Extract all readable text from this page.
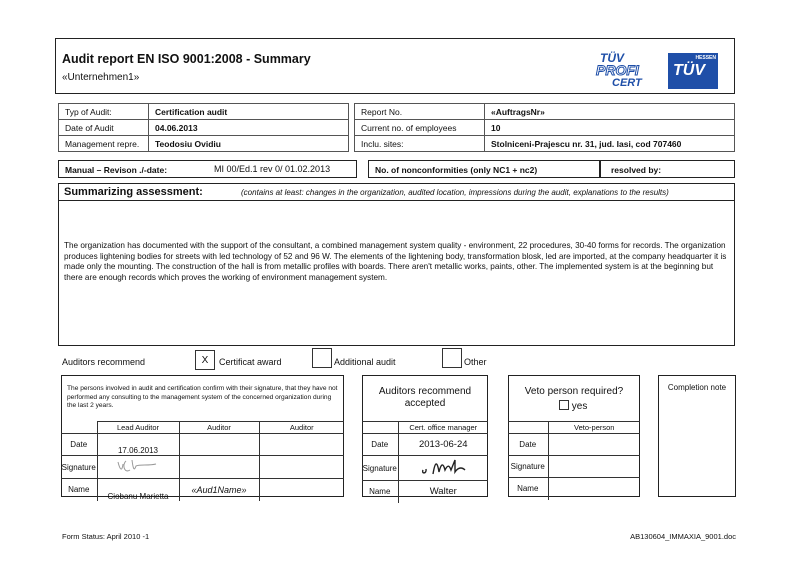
Audit report EN ISO 9001:2008 - Summary
«Unternehmen1»
TÜV
PROFI
CERT
HESSEN
TÜV
Typ of Audit:	Certification audit		Report No.	«AuftragsNr»
Date of Audit	04.06.2013		Current no. of employees	10
Management repre.	Teodosiu Ovidiu		Inclu. sites:	Stolniceni-Prajescu nr. 31, jud. Iasi, cod 707460
Manual – Revison ./-date:	MI 00/Ed.1 rev 0/ 01.02.2013	No. of nonconformities (only NC1 + nc2)	resolved by:
Summarizing assessment:	(contains at least: changes in the organization, audited location, impressions during the audit, explanations to the results)
The organization has documented with the support of the consultant, a combined management system quality - environment, 22 procedures, 30-40 forms for records. The organization produces lightening bodies for streets with led technology of 52 and 96 W. The elements of the lightening body, transformation blosk, led are imported, at the company headquarter it is made only the mounting. The construction of the hall is from metallic profiles with boards. There aren't metallic works, paints, other. The implemented system is at the beginning but there are enough records which proves the working of environment management system.
Auditors recommend	X	Certificat award	Additional audit	Other
The persons involved in audit and certification confirm with their signature, that they have not performed any consulting to the management system of the concerned organization during the last 2 years.
	Lead Auditor	Auditor	Auditor
Date	17.06.2013		
Signature			
Name	Ciobanu Marietta	«Aud1Name»	
Auditors recommend accepted
	Cert. office manager
Date	2013-06-24
Signature	
Name	Walter
Veto person required?
yes
	Veto-person
Date	
Signature	
Name	
Completion note
Form Status: April 2010 -1	AB130604_IMMAXIA_9001.doc
